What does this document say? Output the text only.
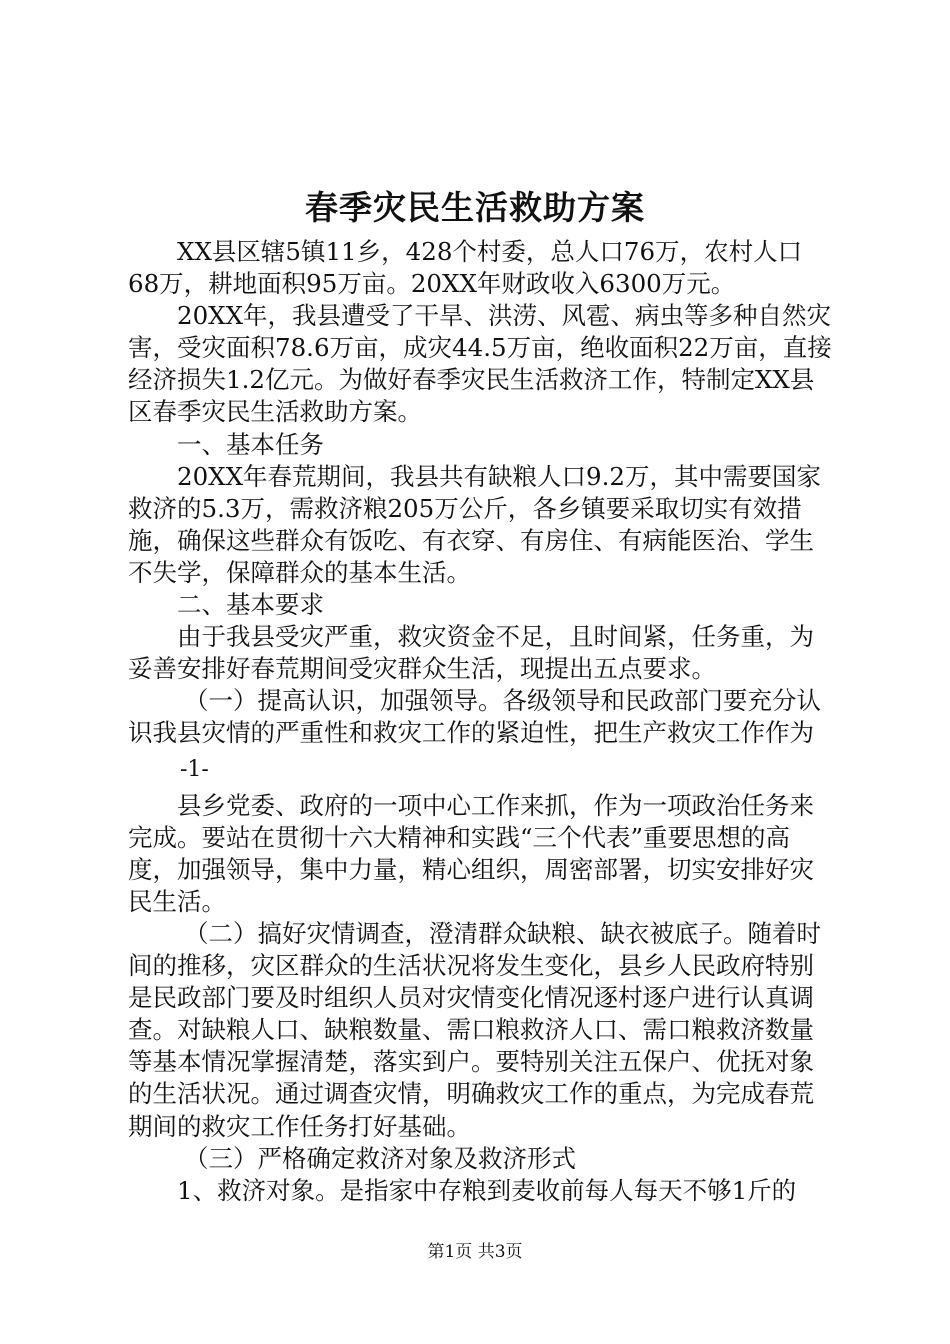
春季灾民生活救助方案

XX县区辖5镇11乡，428个村委，总人口76万，农村人口68万，耕地面积95万亩。20XX年财政收入6300万元。

20XX年，我县遭受了干旱、洪涝、风雹、病虫等多种自然灾害，受灾面积78.6万亩，成灾44.5万亩，绝收面积22万亩，直接经济损失1.2亿元。为做好春季灾民生活救济工作，特制定XX县区春季灾民生活救助方案。

一、基本任务

20XX年春荒期间，我县共有缺粮人口9.2万，其中需要国家救济的5.3万，需救济粮205万公斤，各乡镇要采取切实有效措施，确保这些群众有饭吃、有衣穿、有房住、有病能医治、学生不失学，保障群众的基本生活。

二、基本要求

由于我县受灾严重，救灾资金不足，且时间紧，任务重，为妥善安排好春荒期间受灾群众生活，现提出五点要求。

（一）提高认识，加强领导。各级领导和民政部门要充分认识我县灾情的严重性和救灾工作的紧迫性，把生产救灾工作作为

-1-

县乡党委、政府的一项中心工作来抓，作为一项政治任务来完成。要站在贯彻十六大精神和实践“三个代表”重要思想的高度，加强领导，集中力量，精心组织，周密部署，切实安排好灾民生活。

（二）搞好灾情调查，澄清群众缺粮、缺衣被底子。随着时间的推移，灾区群众的生活状况将发生变化，县乡人民政府特别是民政部门要及时组织人员对灾情变化情况逐村逐户进行认真调查。对缺粮人口、缺粮数量、需口粮救济人口、需口粮救济数量等基本情况掌握清楚，落实到户。要特别关注五保户、优抚对象的生活状况。通过调查灾情，明确救灾工作的重点，为完成春荒期间的救灾工作任务打好基础。

（三）严格确定救济对象及救济形式

1、救济对象。是指家中存粮到麦收前每人每天不够1斤的

第1页 共3页
